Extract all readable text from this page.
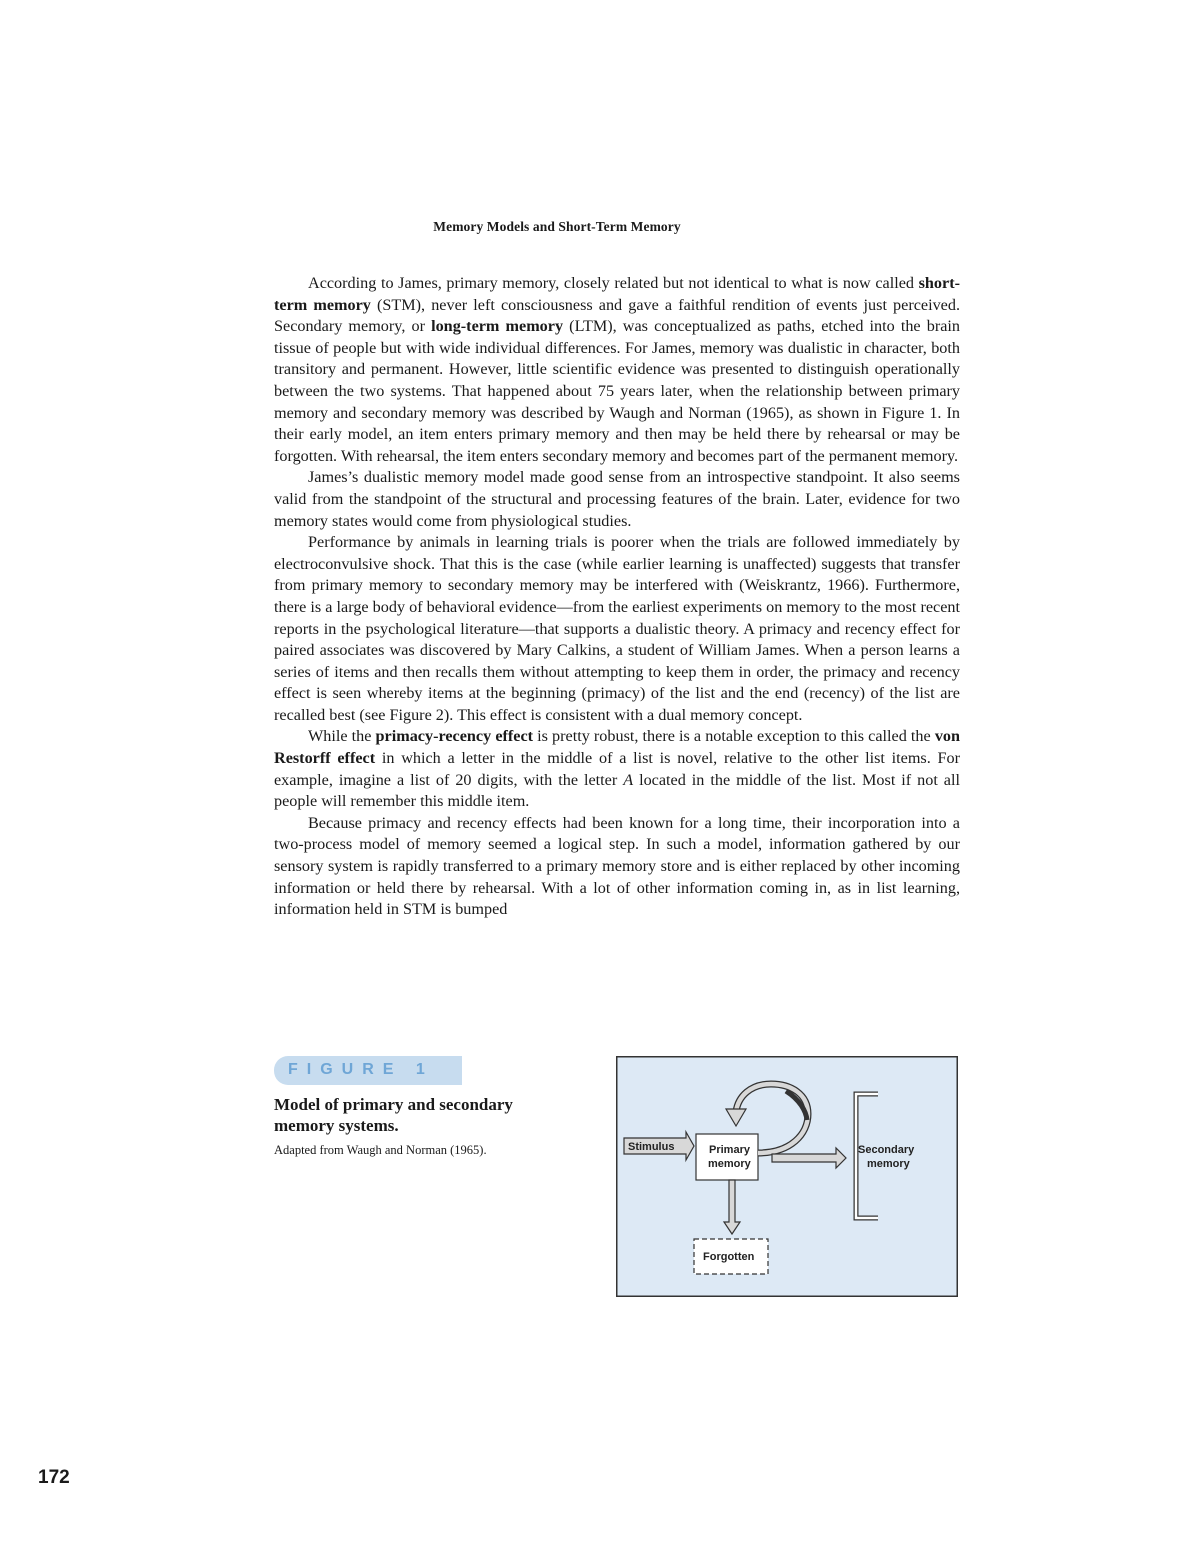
Memory Models and Short-Term Memory

According to James, primary memory, closely related but not identical to what is now called short-term memory (STM), never left consciousness and gave a faithful rendition of events just perceived. Secondary memory, or long-term memory (LTM), was conceptualized as paths, etched into the brain tissue of people but with wide individual differences. For James, memory was dualistic in character, both transitory and permanent. However, little scientific evidence was presented to distinguish operationally between the two systems. That happened about 75 years later, when the relationship between primary memory and secondary memory was described by Waugh and Norman (1965), as shown in Figure 1. In their early model, an item enters primary memory and then may be held there by rehearsal or may be forgotten. With rehearsal, the item enters secondary memory and becomes part of the permanent memory.

James’s dualistic memory model made good sense from an introspective standpoint. It also seems valid from the standpoint of the structural and processing features of the brain. Later, evidence for two memory states would come from physiological studies.

Performance by animals in learning trials is poorer when the trials are followed immediately by electroconvulsive shock. That this is the case (while earlier learning is unaffected) suggests that transfer from primary memory to secondary memory may be interfered with (Weiskrantz, 1966). Furthermore, there is a large body of behavioral evidence—from the earliest experiments on memory to the most recent reports in the psychological literature—that supports a dualistic theory. A primacy and recency effect for paired associates was discovered by Mary Calkins, a student of William James. When a person learns a series of items and then recalls them without attempting to keep them in order, the primacy and recency effect is seen whereby items at the beginning (primacy) of the list and the end (recency) of the list are recalled best (see Figure 2). This effect is consistent with a dual memory concept.

While the primacy-recency effect is pretty robust, there is a notable exception to this called the von Restorff effect in which a letter in the middle of a list is novel, relative to the other list items. For example, imagine a list of 20 digits, with the letter A located in the middle of the list. Most if not all people will remember this middle item.

Because primacy and recency effects had been known for a long time, their incorporation into a two-process model of memory seemed a logical step. In such a model, information gathered by our sensory system is rapidly transferred to a primary memory store and is either replaced by other incoming information or held there by rehearsal. With a lot of other information coming in, as in list learning, information held in STM is bumped

FIGURE 1
Model of primary and secondary memory systems.
Adapted from Waugh and Norman (1965).	Stimulus	Primary
memory
Secondary
memory
Forgotten
172
